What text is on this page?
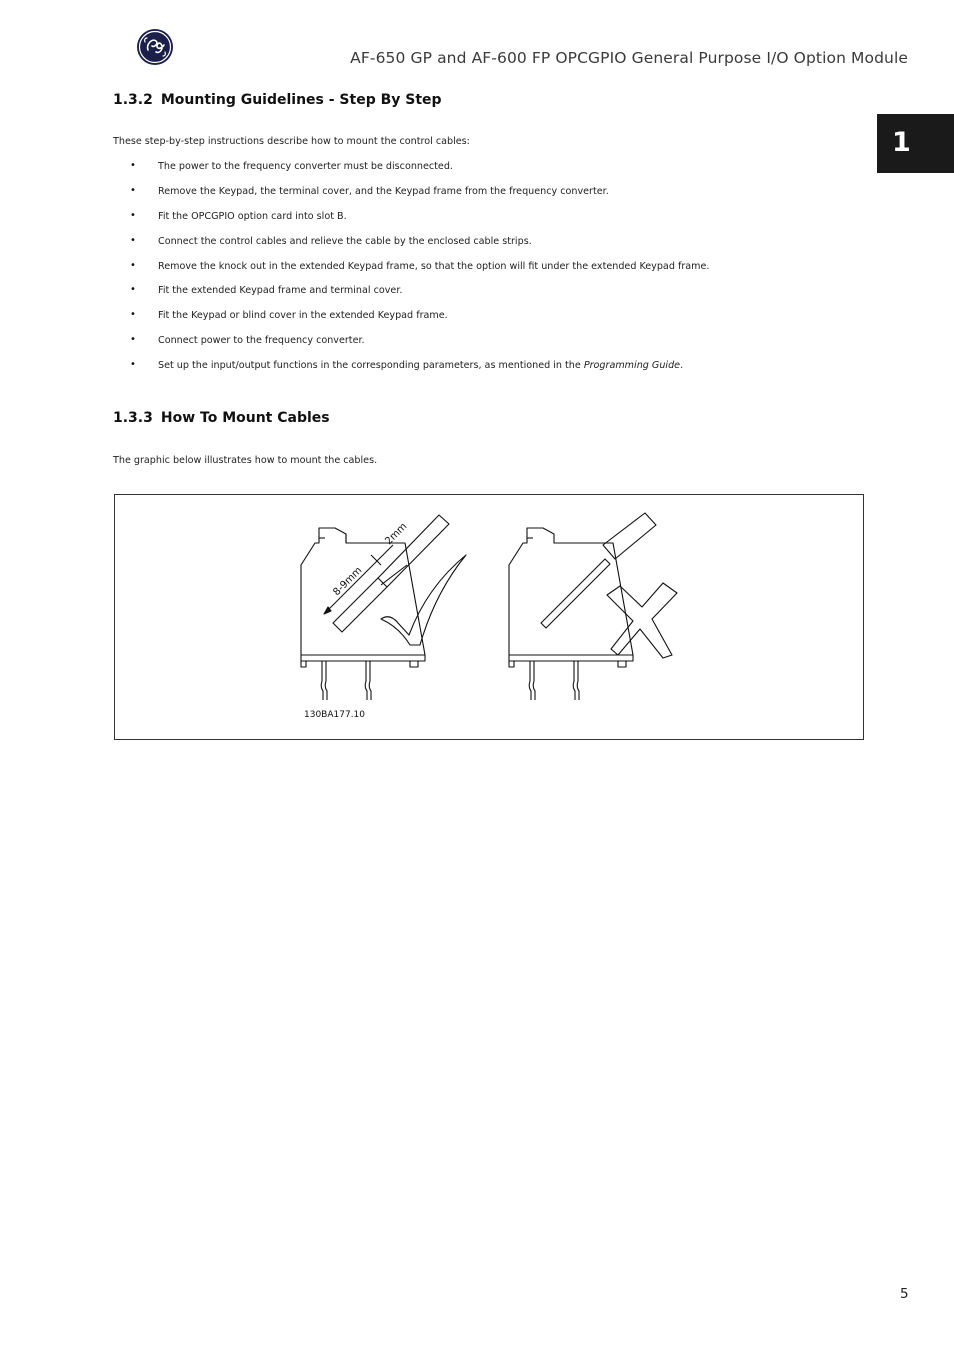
AF-650 GP and AF-600 FP OPCGPIO General Purpose I/O Option Module
1
1.3.2 Mounting Guidelines - Step By Step
These step-by-step instructions describe how to mount the control cables:
• The power to the frequency converter must be disconnected.
• Remove the Keypad, the terminal cover, and the Keypad frame from the frequency converter.
• Fit the OPCGPIO option card into slot B.
• Connect the control cables and relieve the cable by the enclosed cable strips.
• Remove the knock out in the extended Keypad frame, so that the option will fit under the extended Keypad frame.
• Fit the extended Keypad frame and terminal cover.
• Fit the Keypad or blind cover in the extended Keypad frame.
• Connect power to the frequency converter.
• Set up the input/output functions in the corresponding parameters, as mentioned in the Programming Guide.
1.3.3 How To Mount Cables
The graphic below illustrates how to mount the cables.
2mm
8-9mm
130BA177.10
5
